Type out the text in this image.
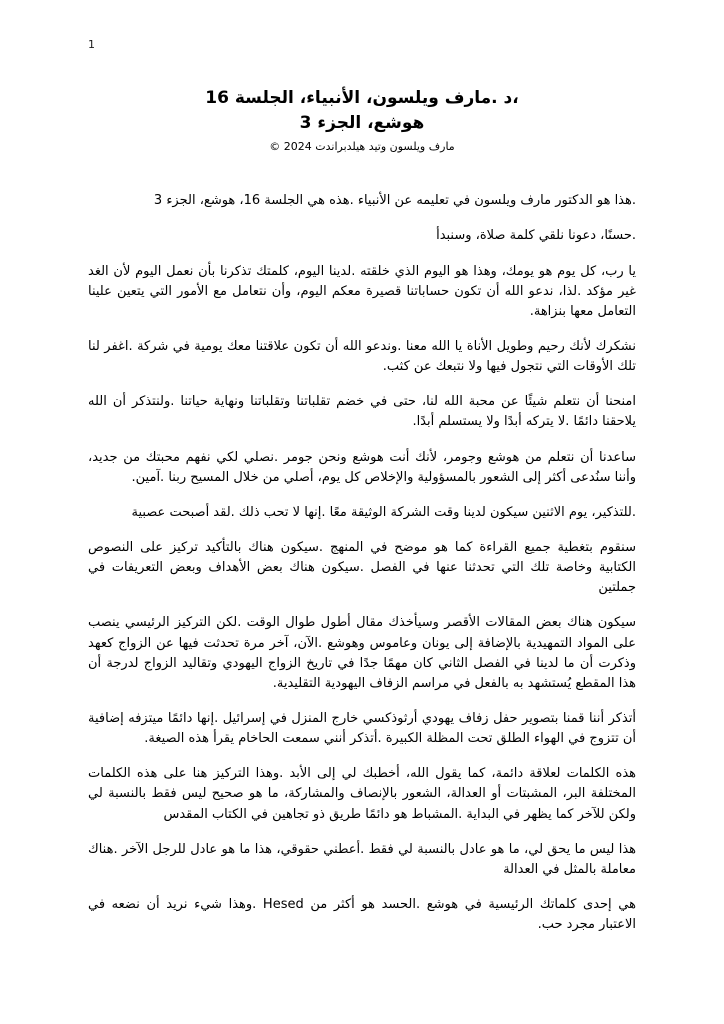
1
،د .مارف ويلسون، الأنبياء، الجلسة 16
هوشع، الجزء 3
مارف ويلسون وتيد هيلدبراندت 2024 ©

.هذا هو الدكتور مارف ويلسون في تعليمه عن الأنبياء .هذه هي الجلسة 16، هوشع، الجزء 3

.حسنًا، دعونا نلقي كلمة صلاة، وسنبدأ

يا رب، كل يوم هو يومك، وهذا هو اليوم الذي خلقته .لدينا اليوم، كلمتك تذكرنا بأن نعمل اليوم لأن الغد غير مؤكد .لذا، ندعو الله أن تكون حساباتنا قصيرة معكم اليوم، وأن نتعامل مع الأمور التي يتعين علينا التعامل معها بنزاهة.

نشكرك لأنك رحيم وطويل الأناة يا الله معنا .وندعو الله أن تكون علاقتنا معك يومية في شركة .اغفر لنا تلك الأوقات التي نتجول فيها ولا نتبعك عن كثب.

امنحنا أن نتعلم شيئًا عن محبة الله لنا، حتى في خضم تقلباتنا وتقلباتنا ونهاية حياتنا .ولنتذكر أن الله يلاحقنا دائمًا .لا يتركه أبدًا ولا يستسلم أبدًا.

ساعدنا أن نتعلم من هوشع وجومر، لأنك أنت هوشع ونحن جومر .نصلي لكي نفهم محبتك من جديد، وأننا سنُدعى أكثر إلى الشعور بالمسؤولية والإخلاص كل يوم، أصلي من خلال المسيح ربنا .آمين.

.للتذكير، يوم الاثنين سيكون لدينا وقت الشركة الوثيقة معًا .إنها لا تحب ذلك .لقد أصبحت عصبية

سنقوم بتغطية جميع القراءة كما هو موضح في المنهج .سيكون هناك بالتأكيد تركيز على النصوص الكتابية وخاصة تلك التي تحدثنا عنها في الفصل .سيكون هناك بعض الأهداف وبعض التعريفات في جملتين

سيكون هناك بعض المقالات الأقصر وسيأخذك مقال أطول طوال الوقت .لكن التركيز الرئيسي ينصب على المواد التمهيدية بالإضافة إلى يونان وعاموس وهوشع .الآن، آخر مرة تحدثت فيها عن الزواج كعهد وذكرت أن ما لدينا في الفصل الثاني كان مهمًا جدًا في تاريخ الزواج اليهودي وتقاليد الزواج لدرجة أن هذا المقطع يُستشهد به بالفعل في مراسم الزفاف اليهودية التقليدية.

أتذكر أننا قمنا بتصوير حفل زفاف يهودي أرثوذكسي خارج المنزل في إسرائيل .إنها دائمًا ميتزفه إضافية أن تتزوج في الهواء الطلق تحت المظلة الكبيرة .أتذكر أنني سمعت الحاخام يقرأ هذه الصيغة.

هذه الكلمات لعلاقة دائمة، كما يقول الله، أخطبك لي إلى الأبد .وهذا التركيز هنا على هذه الكلمات المختلفة البر، المشبتات أو العدالة، الشعور بالإنصاف والمشاركة، ما هو صحيح ليس فقط بالنسبة لي ولكن للآخر كما يظهر في البداية .المشباط هو دائمًا طريق ذو تجاهين في الكتاب المقدس

هذا ليس ما يحق لي، ما هو عادل بالنسبة لي فقط .أعطني حقوقي، هذا ما هو عادل للرجل الآخر .هناك معاملة بالمثل في العدالة

هي إحدى كلماتك الرئيسية في هوشع .الحسد هو أكثر من Hesed .وهذا شيء نريد أن نضعه في الاعتبار مجرد حب.
